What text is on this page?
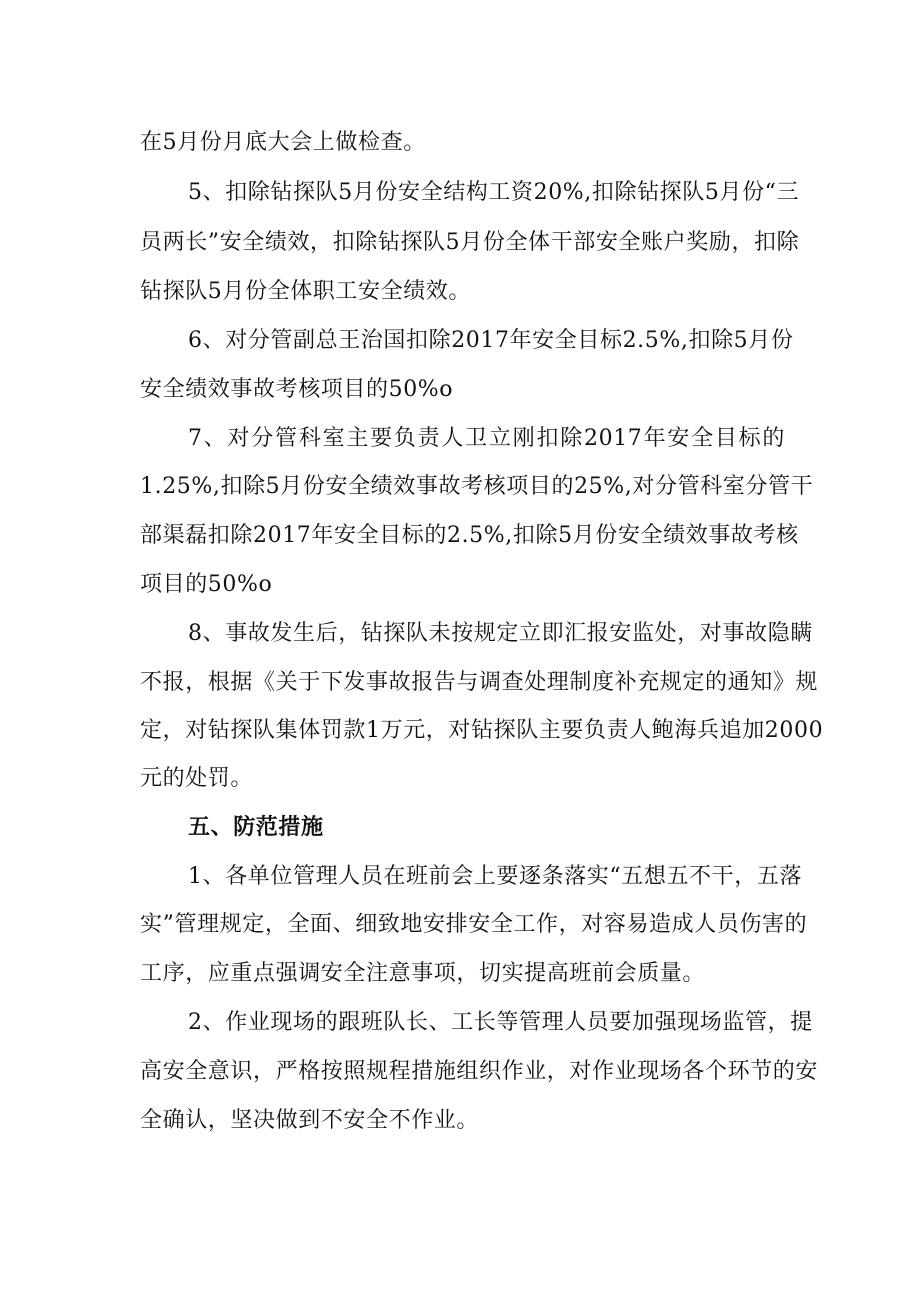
在5月份月底大会上做检查。
5、扣除钻探队5月份安全结构工资20%,扣除钻探队5月份“三
员两长”安全绩效，扣除钻探队5月份全体干部安全账户奖励，扣除
钻探队5月份全体职工安全绩效。
6、对分管副总王治国扣除2017年安全目标2.5%,扣除5月份
安全绩效事故考核项目的50%o
7、对分管科室主要负责人卫立刚扣除2017年安全目标的
1.25%,扣除5月份安全绩效事故考核项目的25%,对分管科室分管干
部渠磊扣除2017年安全目标的2.5%,扣除5月份安全绩效事故考核
项目的50%o
8、事故发生后，钻探队未按规定立即汇报安监处，对事故隐瞒
不报，根据《关于下发事故报告与调查处理制度补充规定的通知》规
定，对钻探队集体罚款1万元，对钻探队主要负责人鲍海兵追加2000
元的处罚。
五、防范措施
1、各单位管理人员在班前会上要逐条落实“五想五不干，五落
实”管理规定，全面、细致地安排安全工作，对容易造成人员伤害的
工序，应重点强调安全注意事项，切实提高班前会质量。
2、作业现场的跟班队长、工长等管理人员要加强现场监管，提
高安全意识，严格按照规程措施组织作业，对作业现场各个环节的安
全确认，坚决做到不安全不作业。
